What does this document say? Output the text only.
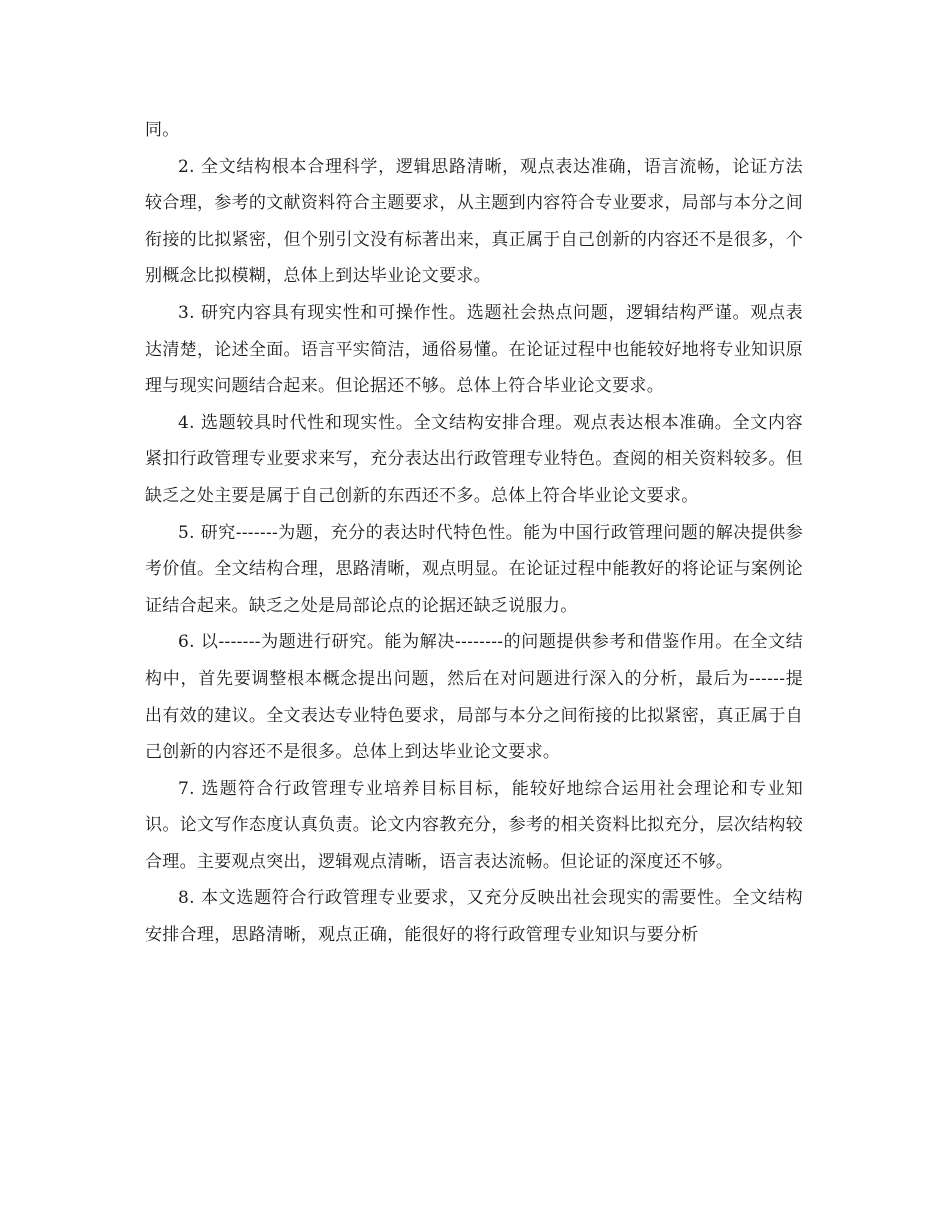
同。

2. 全文结构根本合理科学，逻辑思路清晰，观点表达准确，语言流畅，论证方法较合理，参考的文献资料符合主题要求，从主题到内容符合专业要求，局部与本分之间衔接的比拟紧密，但个别引文没有标著出来，真正属于自己创新的内容还不是很多，个别概念比拟模糊，总体上到达毕业论文要求。

3. 研究内容具有现实性和可操作性。选题社会热点问题，逻辑结构严谨。观点表达清楚，论述全面。语言平实简洁，通俗易懂。在论证过程中也能较好地将专业知识原理与现实问题结合起来。但论据还不够。总体上符合毕业论文要求。

4. 选题较具时代性和现实性。全文结构安排合理。观点表达根本准确。全文内容紧扣行政管理专业要求来写，充分表达出行政管理专业特色。查阅的相关资料较多。但缺乏之处主要是属于自己创新的东西还不多。总体上符合毕业论文要求。

5. 研究-------为题，充分的表达时代特色性。能为中国行政管理问题的解决提供参考价值。全文结构合理，思路清晰，观点明显。在论证过程中能教好的将论证与案例论证结合起来。缺乏之处是局部论点的论据还缺乏说服力。

6. 以-------为题进行研究。能为解决--------的问题提供参考和借鉴作用。在全文结构中，首先要调整根本概念提出问题，然后在对问题进行深入的分析，最后为------提出有效的建议。全文表达专业特色要求，局部与本分之间衔接的比拟紧密，真正属于自己创新的内容还不是很多。总体上到达毕业论文要求。

7. 选题符合行政管理专业培养目标目标，能较好地综合运用社会理论和专业知识。论文写作态度认真负责。论文内容教充分，参考的相关资料比拟充分，层次结构较合理。主要观点突出，逻辑观点清晰，语言表达流畅。但论证的深度还不够。

8. 本文选题符合行政管理专业要求，又充分反映出社会现实的需要性。全文结构安排合理，思路清晰，观点正确，能很好的将行政管理专业知识与要分析
